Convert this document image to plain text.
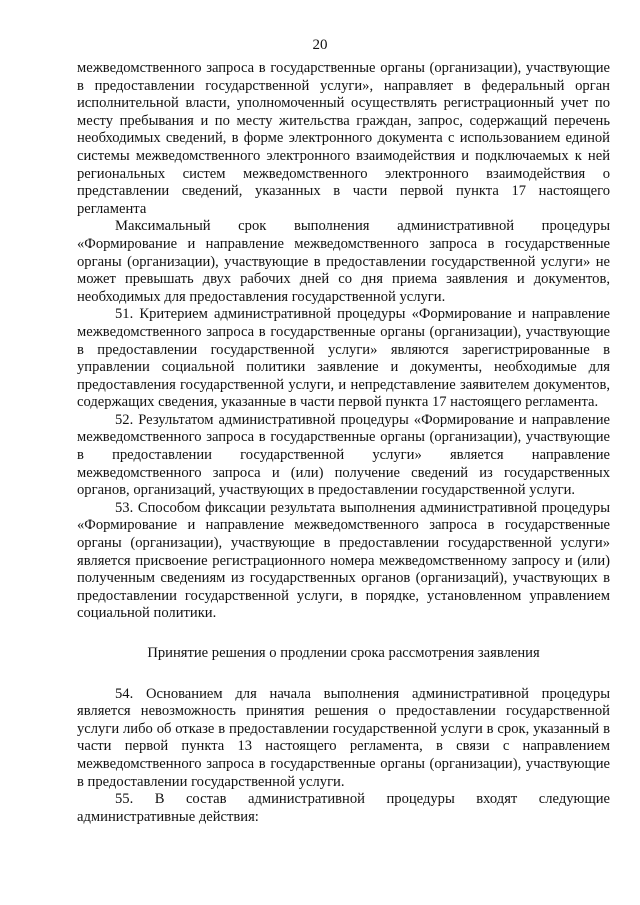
20

межведомственного запроса в государственные органы (организации), участвующие в предоставлении государственной услуги», направляет в федеральный орган исполнительной власти, уполномоченный осуществлять регистрационный учет по месту пребывания и по месту жительства граждан, запрос, содержащий перечень необходимых сведений, в форме электронного документа с использованием единой системы межведомственного электронного взаимодействия и подключаемых к ней региональных систем межведомственного электронного взаимодействия о представлении сведений, указанных в части первой пункта 17 настоящего регламента

Максимальный срок выполнения административной процедуры «Формирование и направление межведомственного запроса в государственные органы (организации), участвующие в предоставлении государственной услуги» не может превышать двух рабочих дней со дня приема заявления и документов, необходимых для предоставления государственной услуги.

51. Критерием административной процедуры «Формирование и направление межведомственного запроса в государственные органы (организации), участвующие в предоставлении государственной услуги» являются зарегистрированные в управлении социальной политики заявление и документы, необходимые для предоставления государственной услуги, и непредставление заявителем документов, содержащих сведения, указанные в части первой пункта 17 настоящего регламента.

52. Результатом административной процедуры «Формирование и направление межведомственного запроса в государственные органы (организации), участвующие в предоставлении государственной услуги» является направление межведомственного запроса и (или) получение сведений из государственных органов, организаций, участвующих в предоставлении государственной услуги.

53. Способом фиксации результата выполнения административной процедуры «Формирование и направление межведомственного запроса в государственные органы (организации), участвующие в предоставлении государственной услуги» является присвоение регистрационного номера межведомственному запросу и (или) полученным сведениям из государственных органов (организаций), участвующих в предоставлении государственной услуги, в порядке, установленном управлением социальной политики.

Принятие решения о продлении срока рассмотрения заявления

54. Основанием для начала выполнения административной процедуры является невозможность принятия решения о предоставлении государственной услуги либо об отказе в предоставлении государственной услуги в срок, указанный в части первой пункта 13 настоящего регламента, в связи с направлением межведомственного запроса в государственные органы (организации), участвующие в предоставлении государственной услуги.

55. В состав административной процедуры входят следующие административные действия:
